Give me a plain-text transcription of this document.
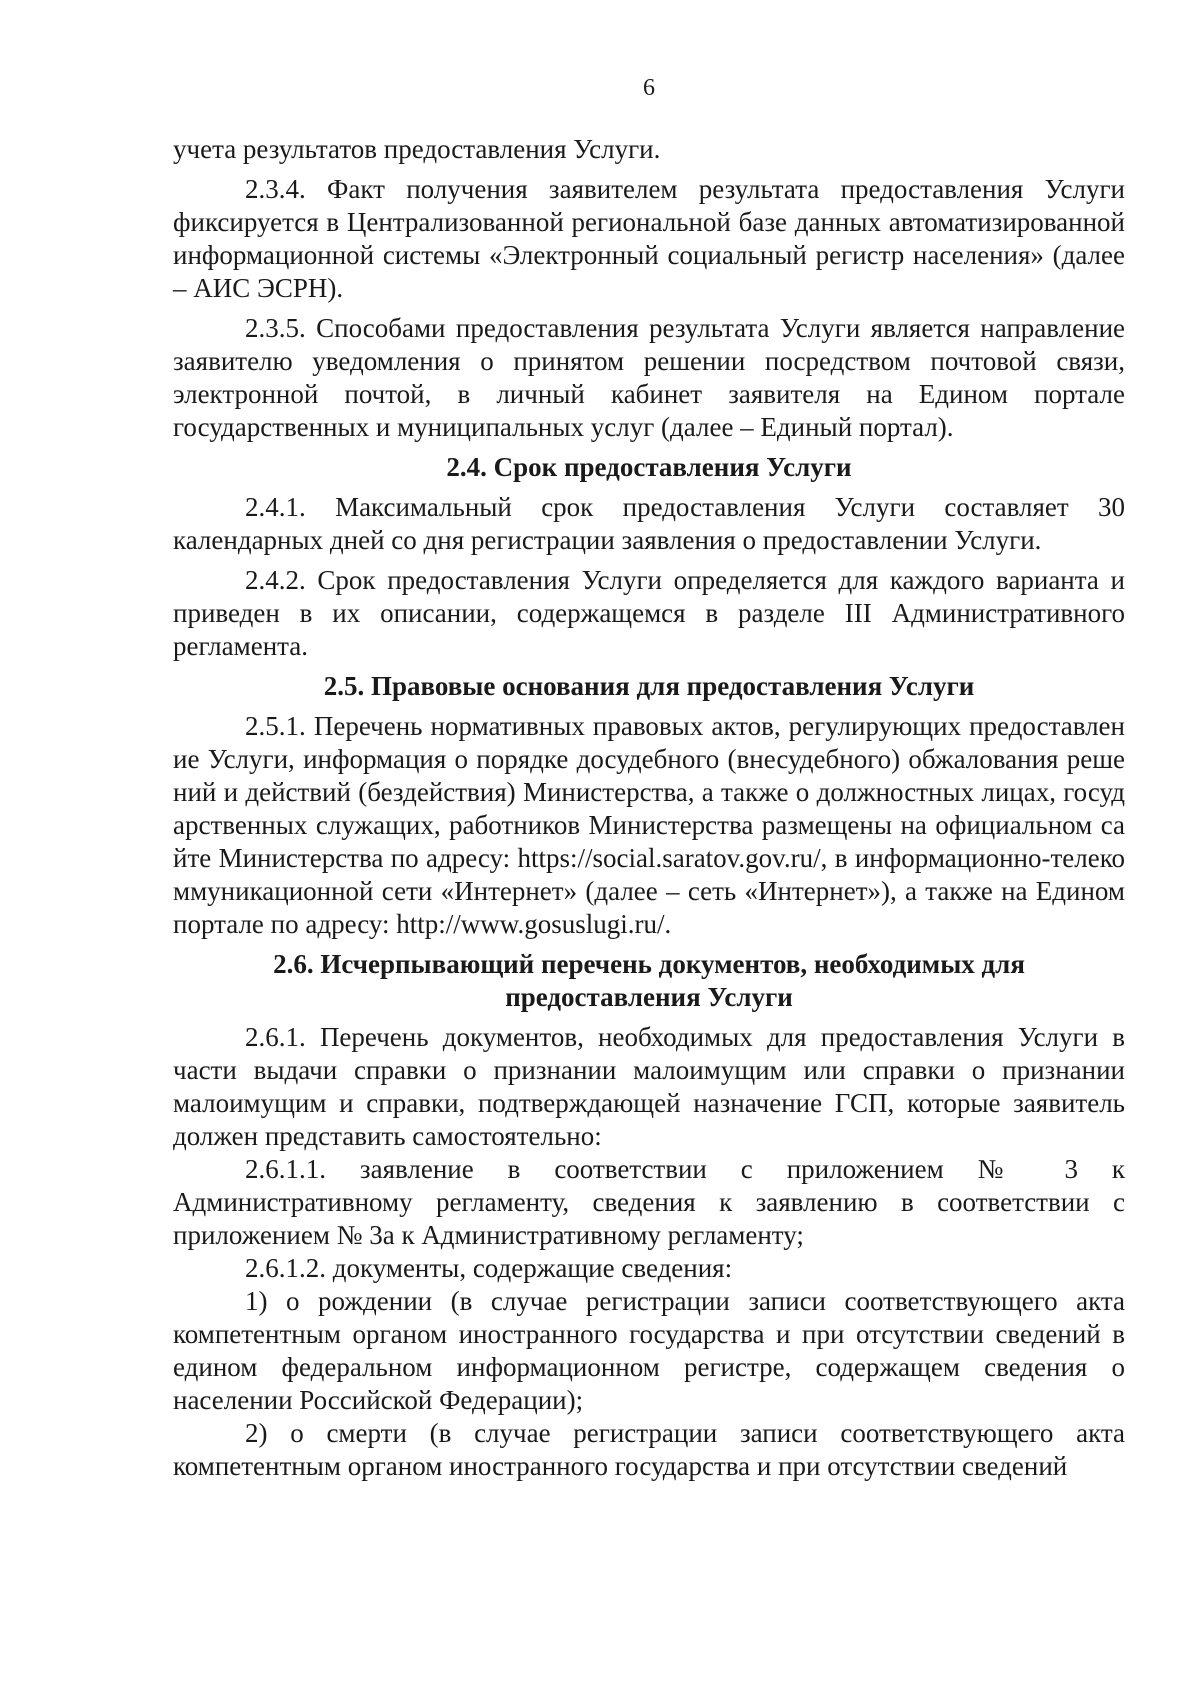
6

учета результатов предоставления Услуги.

2.3.4. Факт получения заявителем результата предоставления Услуги фиксируется в Централизованной региональной базе данных автоматизированной информационной системы «Электронный социальный регистр населения» (далее – АИС ЭСРН).

2.3.5. Способами предоставления результата Услуги является направление заявителю уведомления о принятом решении посредством почтовой связи, электронной почтой, в личный кабинет заявителя на Едином портале государственных и муниципальных услуг (далее – Единый портал).

2.4. Срок предоставления Услуги

2.4.1. Максимальный срок предоставления Услуги составляет 30 календарных дней со дня регистрации заявления о предоставлении Услуги.

2.4.2. Срок предоставления Услуги определяется для каждого варианта и приведен в их описании, содержащемся в разделе III Административного регламента.

2.5. Правовые основания для предоставления Услуги

2.5.1. Перечень нормативных правовых актов, регулирующих предоставление Услуги, информация о порядке досудебного (внесудебного) обжалования решений и действий (бездействия) Министерства, а также о должностных лицах, государственных служащих, работников Министерства размещены на официальном сайте Министерства по адресу: https://social.saratov.gov.ru/, в информационно-телекоммуникационной сети «Интернет» (далее – сеть «Интернет»), а также на Едином портале по адресу: http://www.gosuslugi.ru/.

2.6. Исчерпывающий перечень документов, необходимых для предоставления Услуги

2.6.1. Перечень документов, необходимых для предоставления Услуги в части выдачи справки о признании малоимущим или справки о признании малоимущим и справки, подтверждающей назначение ГСП, которые заявитель должен представить самостоятельно:

2.6.1.1. заявление в соответствии с приложением № 3 к Административному регламенту, сведения к заявлению в соответствии с приложением № 3а к Административному регламенту;

2.6.1.2. документы, содержащие сведения:

1) о рождении (в случае регистрации записи соответствующего акта компетентным органом иностранного государства и при отсутствии сведений в едином федеральном информационном регистре, содержащем сведения о населении Российской Федерации);

2) о смерти (в случае регистрации записи соответствующего акта компетентным органом иностранного государства и при отсутствии сведений
